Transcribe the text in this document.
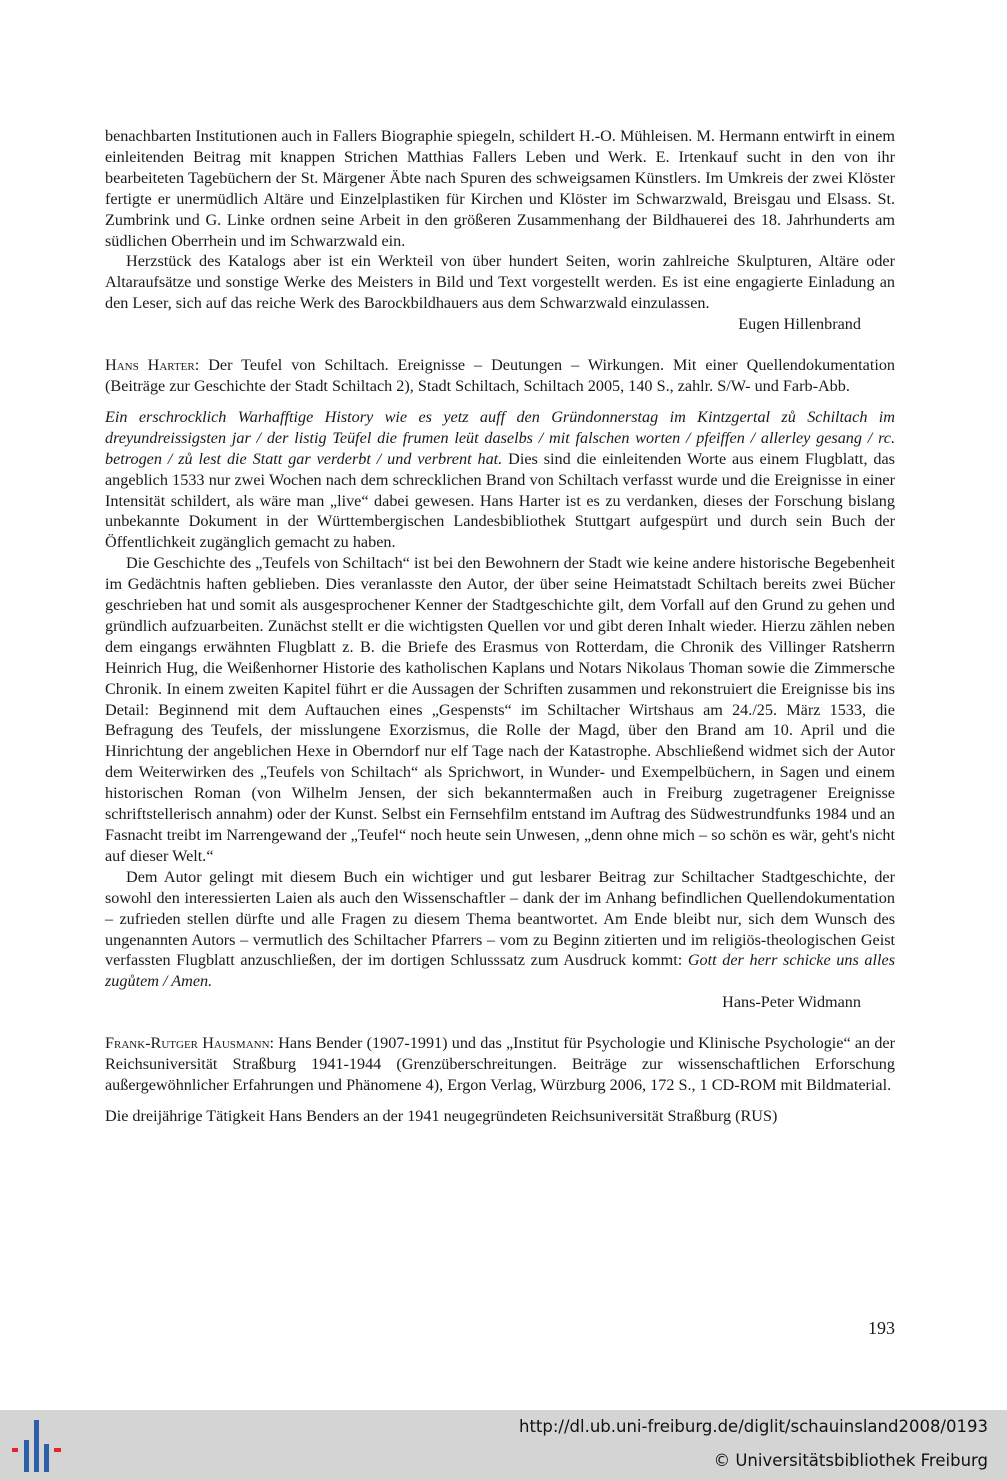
benachbarten Institutionen auch in Fallers Biographie spiegeln, schildert H.-O. Mühleisen. M. Hermann entwirft in einem einleitenden Beitrag mit knappen Strichen Matthias Fallers Leben und Werk. E. Irtenkauf sucht in den von ihr bearbeiteten Tagebüchern der St. Märgener Äbte nach Spuren des schweigsamen Künstlers. Im Umkreis der zwei Klöster fertigte er unermüdlich Altäre und Einzelplastiken für Kirchen und Klöster im Schwarzwald, Breisgau und Elsass. St. Zumbrink und G. Linke ordnen seine Arbeit in den größeren Zusammenhang der Bildhauerei des 18. Jahrhunderts am südlichen Oberrhein und im Schwarzwald ein.

Herzstück des Katalogs aber ist ein Werkteil von über hundert Seiten, worin zahlreiche Skulpturen, Altäre oder Altaraufsätze und sonstige Werke des Meisters in Bild und Text vorgestellt werden. Es ist eine engagierte Einladung an den Leser, sich auf das reiche Werk des Barockbildhauers aus dem Schwarzwald einzulassen.

Eugen Hillenbrand

Hans Harter: Der Teufel von Schiltach. Ereignisse – Deutungen – Wirkungen. Mit einer Quellendokumentation (Beiträge zur Geschichte der Stadt Schiltach 2), Stadt Schiltach, Schiltach 2005, 140 S., zahlr. S/W- und Farb-Abb.

Ein erschrocklich Warhafftige History wie es yetz auff den Gründonnerstag im Kintzgertal zů Schiltach im dreyundreissigsten jar / der listig Teüfel die frumen leüt daselbs / mit falschen worten / pfeiffen / allerley gesang / rc. betrogen / zů lest die Statt gar verderbt / und verbrent hat. Dies sind die einleitenden Worte aus einem Flugblatt, das angeblich 1533 nur zwei Wochen nach dem schrecklichen Brand von Schiltach verfasst wurde und die Ereignisse in einer Intensität schildert, als wäre man „live“ dabei gewesen. Hans Harter ist es zu verdanken, dieses der Forschung bislang unbekannte Dokument in der Württembergischen Landesbibliothek Stuttgart aufgespürt und durch sein Buch der Öffentlichkeit zugänglich gemacht zu haben.

Die Geschichte des „Teufels von Schiltach“ ist bei den Bewohnern der Stadt wie keine andere historische Begebenheit im Gedächtnis haften geblieben. Dies veranlasste den Autor, der über seine Heimatstadt Schiltach bereits zwei Bücher geschrieben hat und somit als ausgesprochener Kenner der Stadtgeschichte gilt, dem Vorfall auf den Grund zu gehen und gründlich aufzuarbeiten. Zunächst stellt er die wichtigsten Quellen vor und gibt deren Inhalt wieder. Hierzu zählen neben dem eingangs erwähnten Flugblatt z. B. die Briefe des Erasmus von Rotterdam, die Chronik des Villinger Ratsherrn Heinrich Hug, die Weißenhorner Historie des katholischen Kaplans und Notars Nikolaus Thoman sowie die Zimmersche Chronik. In einem zweiten Kapitel führt er die Aussagen der Schriften zusammen und rekonstruiert die Ereignisse bis ins Detail: Beginnend mit dem Auftauchen eines „Gespensts“ im Schiltacher Wirtshaus am 24./25. März 1533, die Befragung des Teufels, der misslungene Exorzismus, die Rolle der Magd, über den Brand am 10. April und die Hinrichtung der angeblichen Hexe in Oberndorf nur elf Tage nach der Katastrophe. Abschließend widmet sich der Autor dem Weiterwirken des „Teufels von Schiltach“ als Sprichwort, in Wunder- und Exempelbüchern, in Sagen und einem historischen Roman (von Wilhelm Jensen, der sich bekanntermaßen auch in Freiburg zugetragener Ereignisse schriftstellerisch annahm) oder der Kunst. Selbst ein Fernsehfilm entstand im Auftrag des Südwestrundfunks 1984 und an Fasnacht treibt im Narrengewand der „Teufel“ noch heute sein Unwesen, „denn ohne mich – so schön es wär, geht's nicht auf dieser Welt.“

Dem Autor gelingt mit diesem Buch ein wichtiger und gut lesbarer Beitrag zur Schiltacher Stadtgeschichte, der sowohl den interessierten Laien als auch den Wissenschaftler – dank der im Anhang befindlichen Quellendokumentation – zufrieden stellen dürfte und alle Fragen zu diesem Thema beantwortet. Am Ende bleibt nur, sich dem Wunsch des ungenannten Autors – vermutlich des Schiltacher Pfarrers – vom zu Beginn zitierten und im religiös-theologischen Geist verfassten Flugblatt anzuschließen, der im dortigen Schlusssatz zum Ausdruck kommt: Gott der herr schicke uns alles zugůtem / Amen.

Hans-Peter Widmann

Frank-Rutger Hausmann: Hans Bender (1907-1991) und das „Institut für Psychologie und Klinische Psychologie“ an der Reichsuniversität Straßburg 1941-1944 (Grenzüberschreitungen. Beiträge zur wissenschaftlichen Erforschung außergewöhnlicher Erfahrungen und Phänomene 4), Ergon Verlag, Würzburg 2006, 172 S., 1 CD-ROM mit Bildmaterial.

Die dreijährige Tätigkeit Hans Benders an der 1941 neugegründeten Reichsuniversität Straßburg (RUS)

193
http://dl.ub.uni-freiburg.de/diglit/schauinsland2008/0193
© Universitätsbibliothek Freiburg
